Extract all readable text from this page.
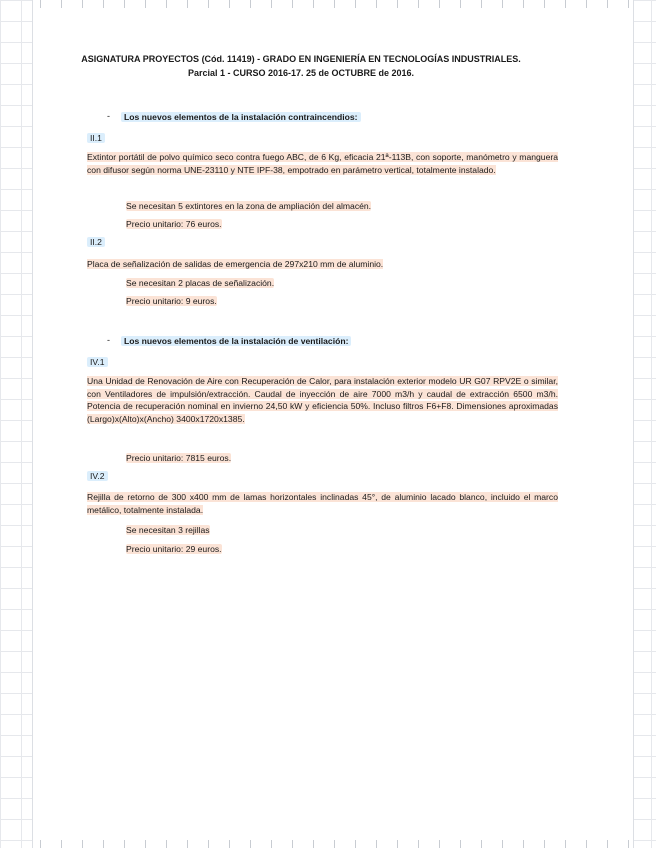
ASIGNATURA PROYECTOS (Cód. 11419) - GRADO EN INGENIERÍA EN TECNOLOGÍAS INDUSTRIALES. Parcial 1 - CURSO 2016-17. 25 de OCTUBRE de 2016.
-	Los nuevos elementos de la instalación contraincendios:
II.1
Extintor portátil de polvo químico seco contra fuego ABC, de 6 Kg, eficacia 21ª-113B, con soporte, manómetro y manguera con difusor según norma UNE-23110 y NTE IPF-38, empotrado en parámetro vertical, totalmente instalado.
Se necesitan 5 extintores en la zona de ampliación del almacén.
Precio unitario: 76 euros.
II.2
Placa de señalización de salidas de emergencia de 297x210 mm de aluminio.
Se necesitan 2 placas de señalización.
Precio unitario: 9 euros.
-	Los nuevos elementos de la instalación de ventilación:
IV.1
Una Unidad de Renovación de Aire con Recuperación de Calor, para instalación exterior modelo UR G07 RPV2E o similar, con Ventiladores de impulsión/extracción. Caudal de inyección de aire 7000 m3/h y caudal de extracción 6500 m3/h. Potencia de recuperación nominal en invierno 24,50 kW y eficiencia 50%. Incluso filtros F6+F8. Dimensiones aproximadas (Largo)x(Alto)x(Ancho) 3400x1720x1385.
Precio unitario: 7815 euros.
IV.2
Rejilla de retorno de 300 x400 mm de lamas horizontales inclinadas 45°, de aluminio lacado blanco, incluido el marco metálico, totalmente instalada.
Se necesitan 3 rejillas
Precio unitario: 29 euros.
